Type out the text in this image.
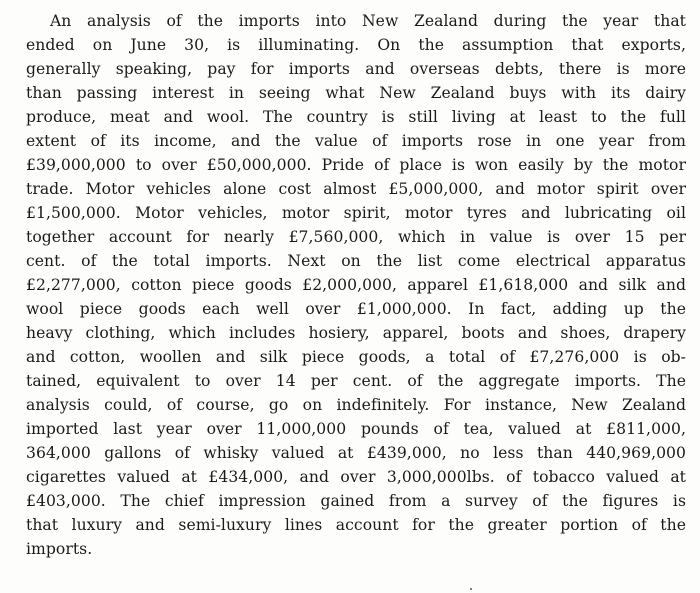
An analysis of the imports into New Zealand during the year that
ended on June 30, is illuminating. On the assumption that exports,
generally speaking, pay for imports and overseas debts, there is more
than passing interest in seeing what New Zealand buys with its dairy
produce, meat and wool. The country is still living at least to the full
extent of its income, and the value of imports rose in one year from
£39,000,000 to over £50,000,000. Pride of place is won easily by the motor
trade. Motor vehicles alone cost almost £5,000,000, and motor spirit over
£1,500,000. Motor vehicles, motor spirit, motor tyres and lubricating oil
together account for nearly £7,560,000, which in value is over 15 per
cent. of the total imports. Next on the list come electrical apparatus
£2,277,000, cotton piece goods £2,000,000, apparel £1,618,000 and silk and
wool piece goods each well over £1,000,000. In fact, adding up the
heavy clothing, which includes hosiery, apparel, boots and shoes, drapery
and cotton, woollen and silk piece goods, a total of £7,276,000 is ob-
tained, equivalent to over 14 per cent. of the aggregate imports. The
analysis could, of course, go on indefinitely. For instance, New Zealand
imported last year over 11,000,000 pounds of tea, valued at £811,000,
364,000 gallons of whisky valued at £439,000, no less than 440,969,000
cigarettes valued at £434,000, and over 3,000,000lbs. of tobacco valued at
£403,000. The chief impression gained from a survey of the figures is
that luxury and semi-luxury lines account for the greater portion of the
imports.
